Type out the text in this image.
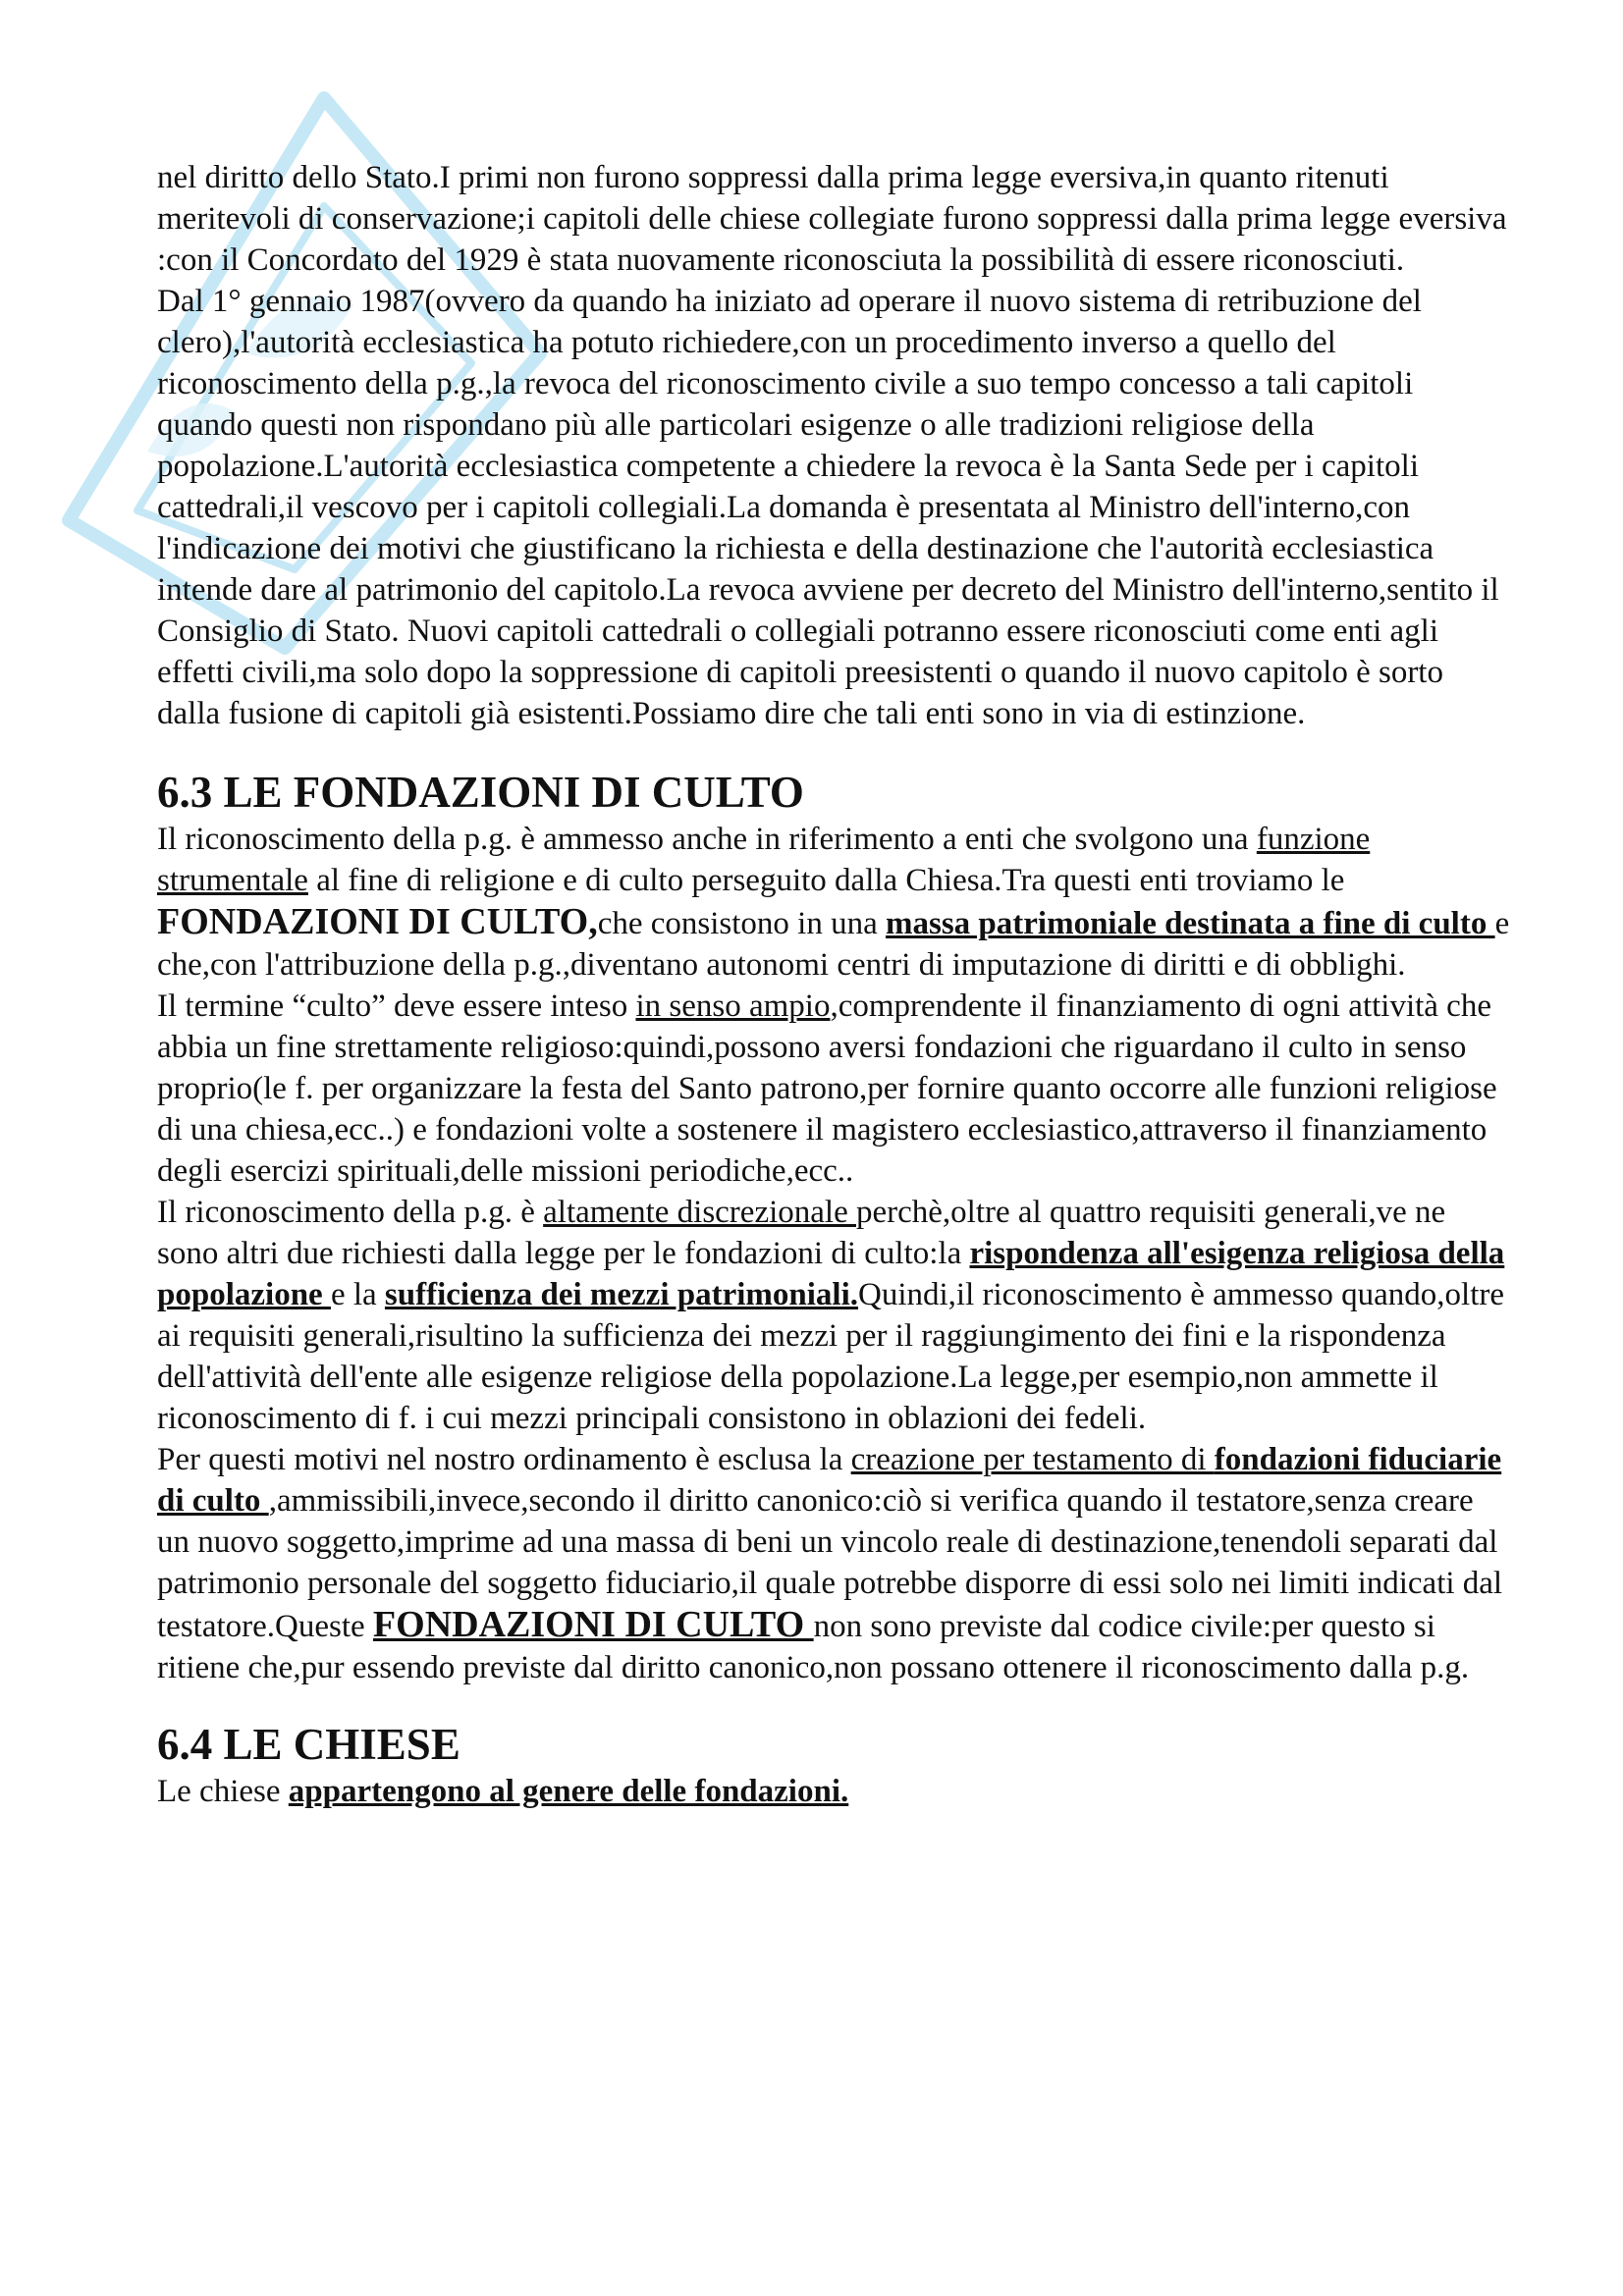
nel diritto dello Stato.I primi non furono soppressi dalla prima legge eversiva,in quanto ritenuti meritevoli di conservazione;i capitoli delle chiese collegiate furono soppressi dalla prima legge eversiva :con il Concordato del 1929 è stata nuovamente riconosciuta la possibilità di essere riconosciuti.

Dal 1° gennaio 1987(ovvero da quando ha iniziato ad operare il nuovo sistema di retribuzione del clero),l'autorità ecclesiastica ha potuto richiedere,con un procedimento inverso a quello del riconoscimento della p.g.,la revoca del riconoscimento civile a suo tempo concesso a tali capitoli quando questi non rispondano più alle particolari esigenze o alle tradizioni religiose della popolazione.L'autorità ecclesiastica competente a chiedere la revoca è la Santa Sede per i capitoli cattedrali,il vescovo per i capitoli collegiali.La domanda è presentata al Ministro dell'interno,con l'indicazione dei motivi che giustificano la richiesta e della destinazione che l'autorità ecclesiastica intende dare al patrimonio del capitolo.La revoca avviene per decreto del Ministro dell'interno,sentito il Consiglio di Stato. Nuovi capitoli cattedrali o collegiali potranno essere riconosciuti come enti agli effetti civili,ma solo dopo la soppressione di capitoli preesistenti o quando il nuovo capitolo è sorto dalla fusione di capitoli già esistenti.Possiamo dire che tali enti sono in via di estinzione.

6.3 LE FONDAZIONI DI CULTO

Il riconoscimento della p.g. è ammesso anche in riferimento a enti che svolgono una funzione strumentale al fine di religione e di culto perseguito dalla Chiesa.Tra questi enti troviamo le FONDAZIONI DI CULTO,che consistono in una massa patrimoniale destinata a fine di culto e che,con l'attribuzione della p.g.,diventano autonomi centri di imputazione di diritti e di obblighi.

Il termine “culto” deve essere inteso in senso ampio,comprendente il finanziamento di ogni attività che abbia un fine strettamente religioso:quindi,possono aversi fondazioni che riguardano il culto in senso proprio(le f. per organizzare la festa del Santo patrono,per fornire quanto occorre alle funzioni religiose di una chiesa,ecc..) e fondazioni volte a sostenere il magistero ecclesiastico,attraverso il finanziamento degli esercizi spirituali,delle missioni periodiche,ecc..

Il riconoscimento della p.g. è altamente discrezionale perchè,oltre al quattro requisiti generali,ve ne sono altri due richiesti dalla legge per le fondazioni di culto:la rispondenza all'esigenza religiosa della popolazione e la sufficienza dei mezzi patrimoniali.Quindi,il riconoscimento è ammesso quando,oltre ai requisiti generali,risultino la sufficienza dei mezzi per il raggiungimento dei fini e la rispondenza dell'attività dell'ente alle esigenze religiose della popolazione.La legge,per esempio,non ammette il riconoscimento di f. i cui mezzi principali consistono in oblazioni dei fedeli.

Per questi motivi nel nostro ordinamento è esclusa la creazione per testamento di fondazioni fiduciarie di culto ,ammissibili,invece,secondo il diritto canonico:ciò si verifica quando il testatore,senza creare un nuovo soggetto,imprime ad una massa di beni un vincolo reale di destinazione,tenendoli separati dal patrimonio personale del soggetto fiduciario,il quale potrebbe disporre di essi solo nei limiti indicati dal testatore.Queste FONDAZIONI DI CULTO non sono previste dal codice civile:per questo si ritiene che,pur essendo previste dal diritto canonico,non possano ottenere il riconoscimento dalla p.g.

6.4 LE CHIESE

Le chiese appartengono al genere delle fondazioni.
